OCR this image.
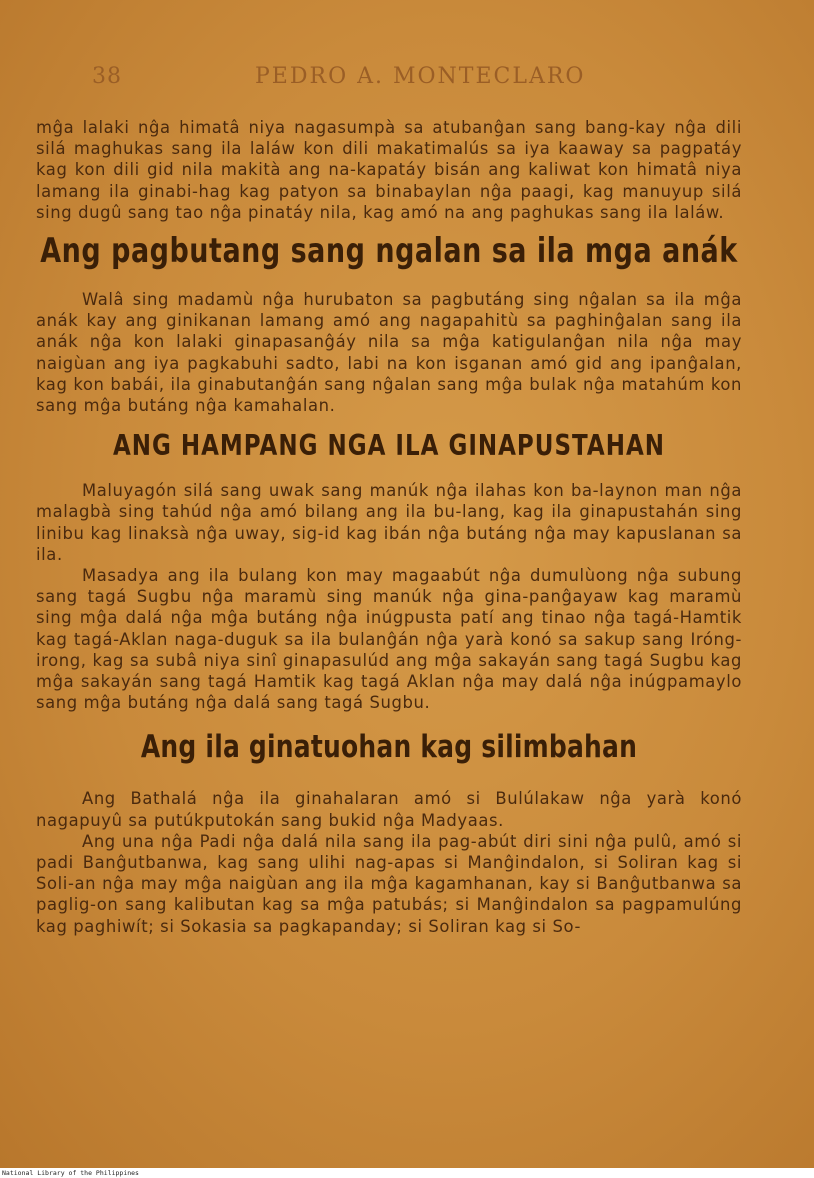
38	PEDRO A. MONTECLARO

mĝa lalaki nĝa himatâ niya nagasumpà sa atubanĝan sang bang-kay nĝa dili silá maghukas sang ila laláw kon dili makatimalús sa iya kaaway sa pagpatáy kag kon dili gid nila makità ang na-kapatáy bisán ang kaliwat kon himatâ niya lamang ila ginabi-hag kag patyon sa binabaylan nĝa paagi, kag manuyup silá sing dugû sang tao nĝa pinatáy nila, kag amó na ang paghukas sang ila laláw.

Ang pagbutang sang ngalan sa ila mga anák

Walâ sing madamù nĝa hurubaton sa pagbutáng sing nĝalan sa ila mĝa anák kay ang ginikanan lamang amó ang nagapahitù sa paghinĝalan sang ila anák nĝa kon lalaki ginapasanĝáy nila sa mĝa katigulanĝan nila nĝa may naigùan ang iya pagkabuhi sadto, labi na kon isganan amó gid ang ipanĝalan, kag kon babái, ila ginabutanĝán sang nĝalan sang mĝa bulak nĝa matahúm kon sang mĝa butáng nĝa kamahalan.

ANG HAMPANG NGA ILA GINAPUSTAHAN

Maluyagón silá sang uwak sang manúk nĝa ilahas kon ba-laynon man nĝa malagbà sing tahúd nĝa amó bilang ang ila bu-lang, kag ila ginapustahán sing linibu kag linaksà nĝa uway, sig-id kag ibán nĝa butáng nĝa may kapuslanan sa ila.

Masadya ang ila bulang kon may magaabút nĝa dumulùong nĝa subung sang tagá Sugbu nĝa maramù sing manúk nĝa gina-panĝayaw kag maramù sing mĝa dalá nĝa mĝa butáng nĝa inúgpusta patí ang tinao nĝa tagá-Hamtik kag tagá-Aklan naga-duguk sa ila bulanĝán nĝa yarà konó sa sakup sang Iróng-irong, kag sa subâ niya sinî ginapasulúd ang mĝa sakayán sang tagá Sugbu kag mĝa sakayán sang tagá Hamtik kag tagá Aklan nĝa may dalá nĝa inúgpamaylo sang mĝa butáng nĝa dalá sang tagá Sugbu.

Ang ila ginatuohan kag silimbahan

Ang Bathalá nĝa ila ginahalaran amó si Bulúlakaw nĝa yarà konó nagapuyû sa putúkputokán sang bukid nĝa Madyaas.

Ang una nĝa Padi nĝa dalá nila sang ila pag-abút diri sini nĝa pulû, amó si padi Banĝutbanwa, kag sang ulihi nag-apas si Manĝindalon, si Soliran kag si Soli-an nĝa may mĝa naigùan ang ila mĝa kagamhanan, kay si Banĝutbanwa sa paglig-on sang kalibutan kag sa mĝa patubás; si Manĝindalon sa pagpamulúng kag paghiwít; si Sokasia sa pagkapanday; si Soliran kag si So-

National Library of the Philippines
